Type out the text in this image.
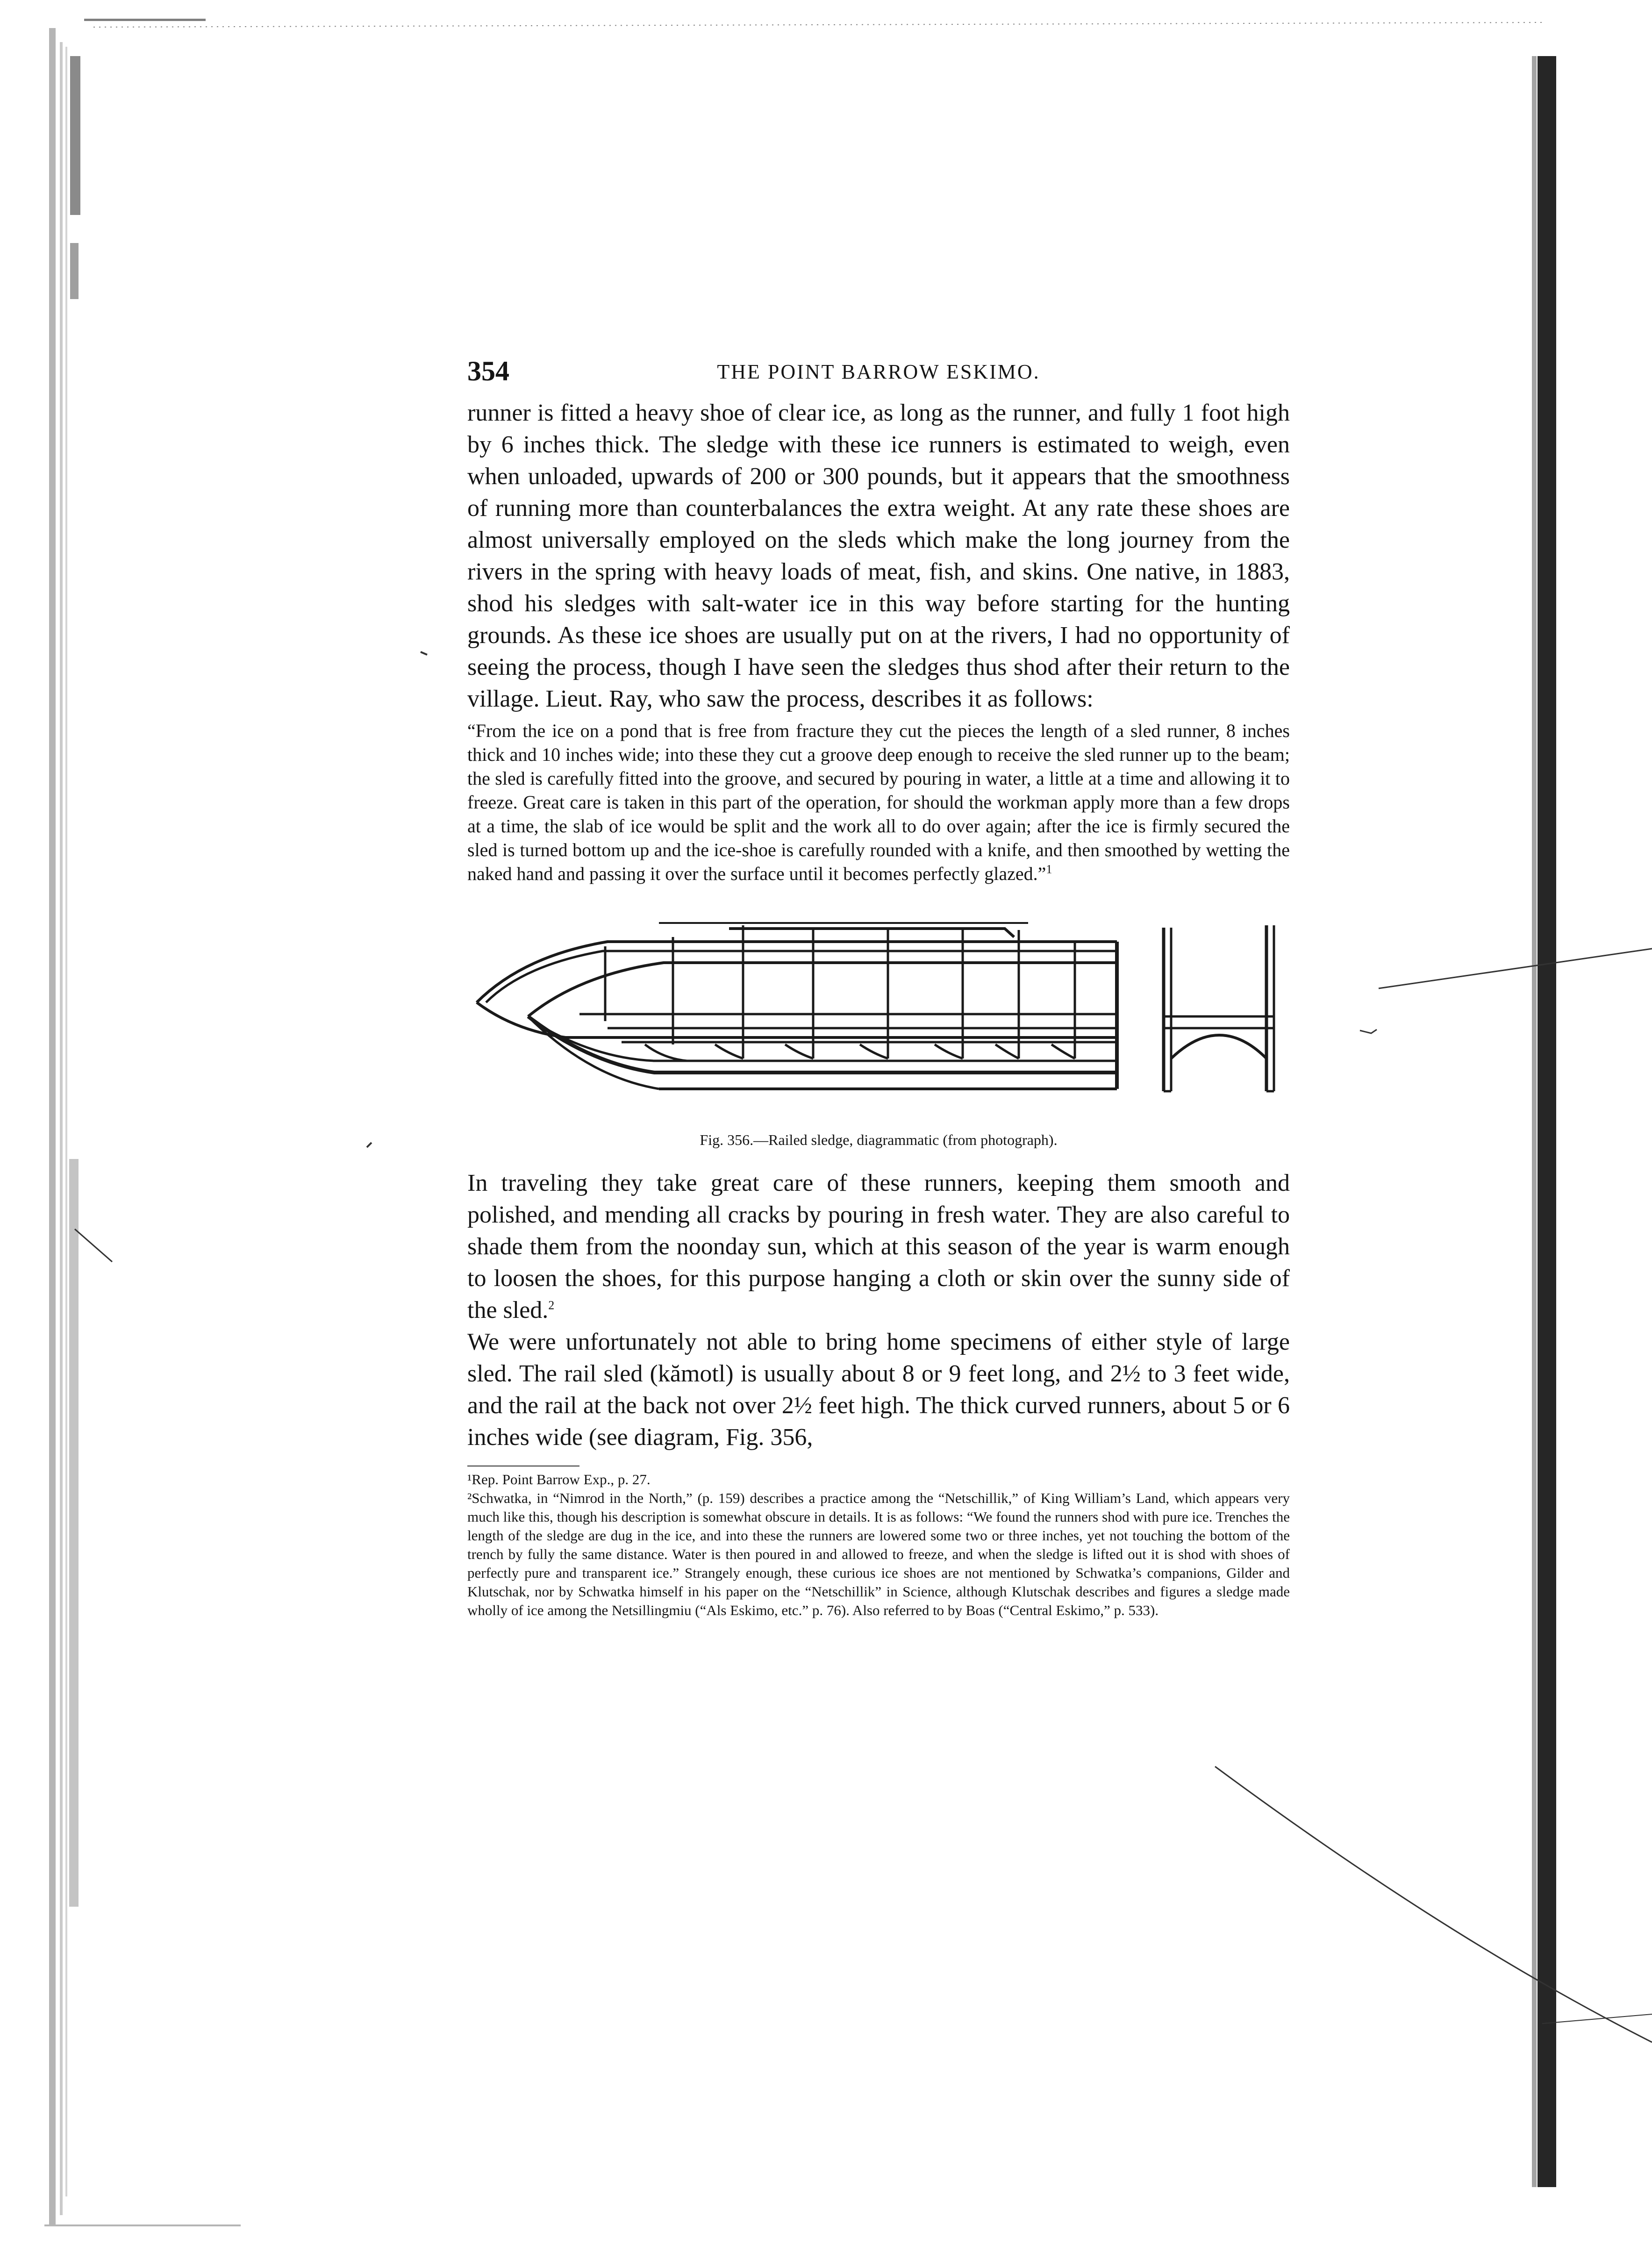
354	THE POINT BARROW ESKIMO.

runner is fitted a heavy shoe of clear ice, as long as the runner, and fully 1 foot high by 6 inches thick. The sledge with these ice runners is estimated to weigh, even when unloaded, upwards of 200 or 300 pounds, but it appears that the smoothness of running more than counterbalances the extra weight. At any rate these shoes are almost universally employed on the sleds which make the long journey from the rivers in the spring with heavy loads of meat, fish, and skins. One native, in 1883, shod his sledges with salt-water ice in this way before starting for the hunting grounds. As these ice shoes are usually put on at the rivers, I had no opportunity of seeing the process, though I have seen the sledges thus shod after their return to the village. Lieut. Ray, who saw the process, describes it as follows:

“From the ice on a pond that is free from fracture they cut the pieces the length of a sled runner, 8 inches thick and 10 inches wide; into these they cut a groove deep enough to receive the sled runner up to the beam; the sled is carefully fitted into the groove, and secured by pouring in water, a little at a time and allowing it to freeze. Great care is taken in this part of the operation, for should the workman apply more than a few drops at a time, the slab of ice would be split and the work all to do over again; after the ice is firmly secured the sled is turned bottom up and the ice-shoe is carefully rounded with a knife, and then smoothed by wetting the naked hand and passing it over the surface until it becomes perfectly glazed.”$^1$

Fig. 356.—Railed sledge, diagrammatic (from photograph).

In traveling they take great care of these runners, keeping them smooth and polished, and mending all cracks by pouring in fresh water. They are also careful to shade them from the noonday sun, which at this season of the year is warm enough to loosen the shoes, for this purpose hanging a cloth or skin over the sunny side of the sled.$^2$

We were unfortunately not able to bring home specimens of either style of large sled. The rail sled (kămotl) is usually about 8 or 9 feet long, and 2½ to 3 feet wide, and the rail at the back not over 2½ feet high. The thick curved runners, about 5 or 6 inches wide (see diagram, Fig. 356,

¹Rep. Point Barrow Exp., p. 27.

²Schwatka, in “Nimrod in the North,” (p. 159) describes a practice among the “Netschillik,” of King William’s Land, which appears very much like this, though his description is somewhat obscure in details. It is as follows: “We found the runners shod with pure ice. Trenches the length of the sledge are dug in the ice, and into these the runners are lowered some two or three inches, yet not touching the bottom of the trench by fully the same distance. Water is then poured in and allowed to freeze, and when the sledge is lifted out it is shod with shoes of perfectly pure and transparent ice.” Strangely enough, these curious ice shoes are not mentioned by Schwatka’s companions, Gilder and Klutschak, nor by Schwatka himself in his paper on the “Netschillik” in Science, although Klutschak describes and figures a sledge made wholly of ice among the Netsillingmiu (“Als Eskimo, etc.” p. 76). Also referred to by Boas (“Central Eskimo,” p. 533).
